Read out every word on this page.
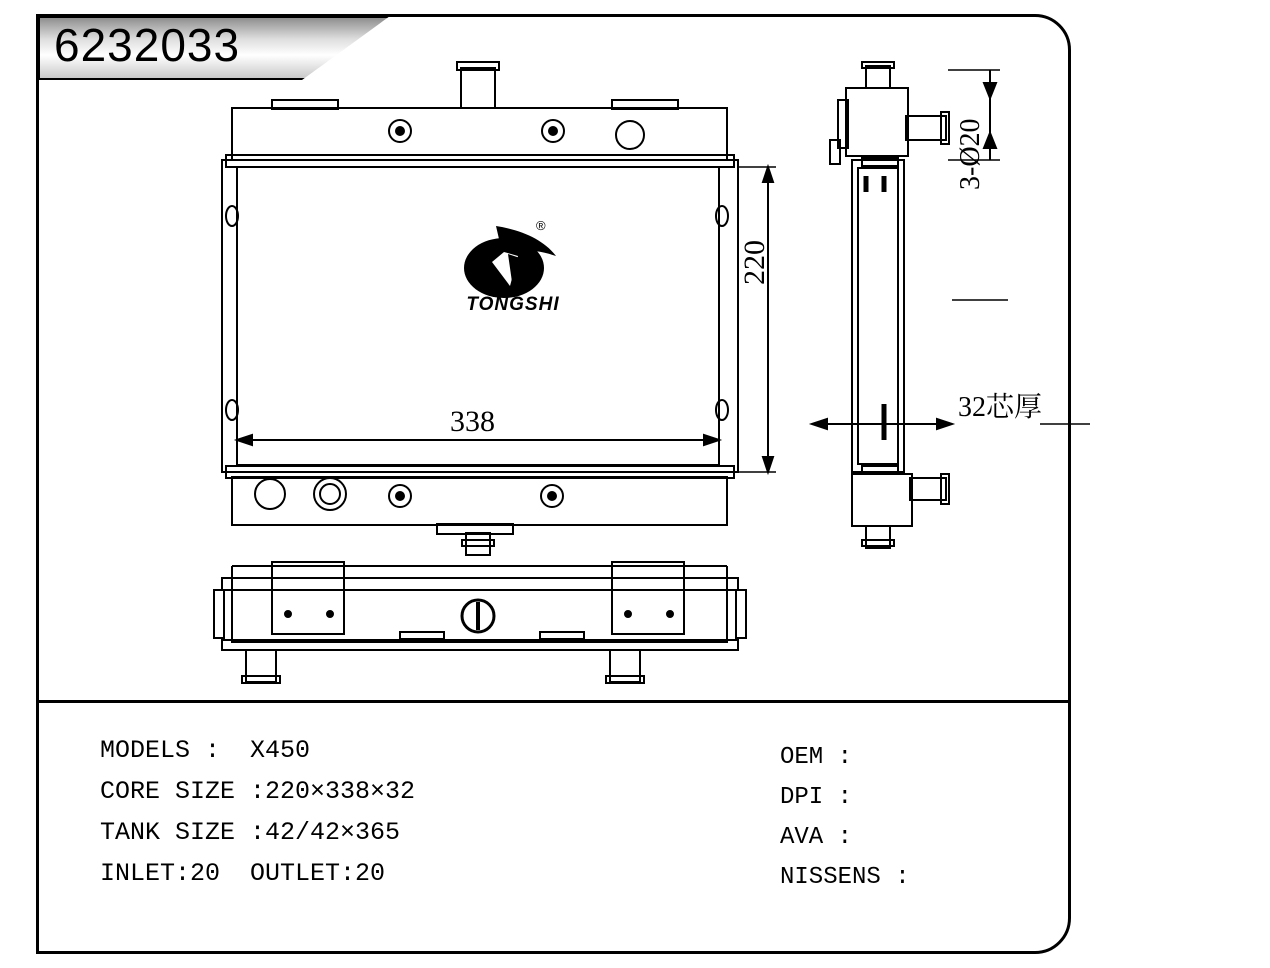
6232033
®
TONGSHI
338
220
3-Ø20
32芯厚
MODELS :  X450
CORE SIZE :220×338×32
TANK SIZE :42/42×365
INLET:20  OUTLET:20
OEM :
DPI :
AVA :
NISSENS :
